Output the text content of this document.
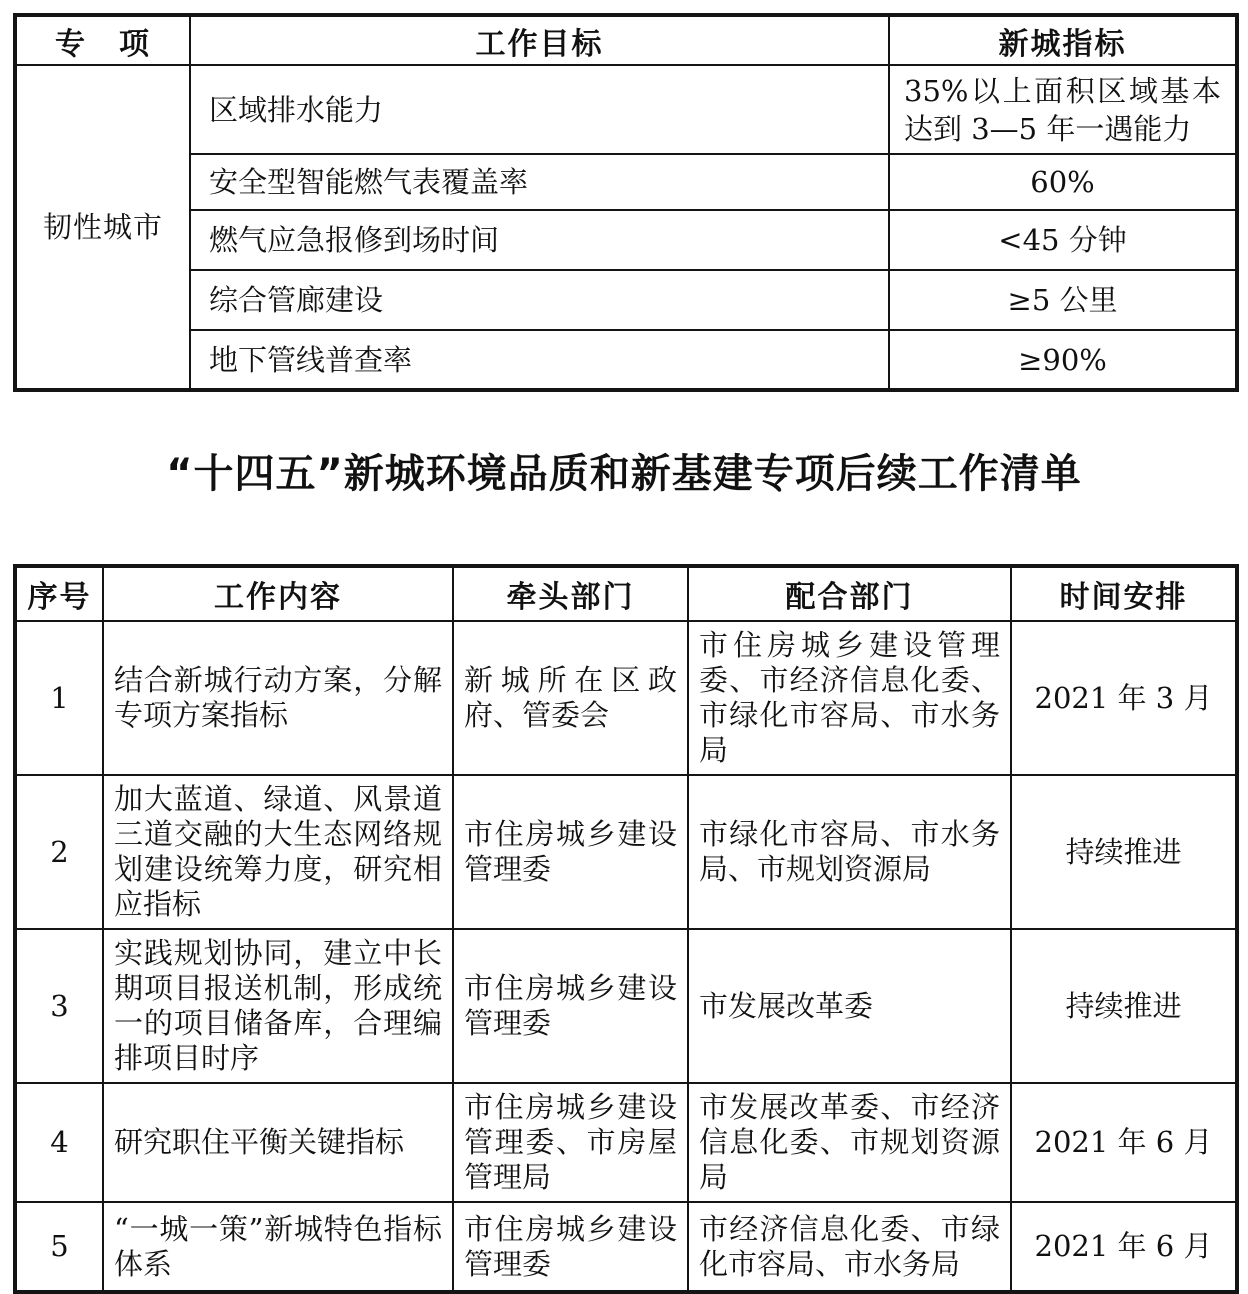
专　项	工作目标	新城指标
韧性城市	区域排水能力	35%以上面积区域基本达到 3—5 年一遇能力
	安全型智能燃气表覆盖率	60%
	燃气应急报修到场时间	<45 分钟
	综合管廊建设	≥5 公里
	地下管线普查率	≥90%
“十四五”新城环境品质和新基建专项后续工作清单
序号	工作内容	牵头部门	配合部门	时间安排
1	结合新城行动方案，分解专项方案指标	新城所在区政府、管委会	市住房城乡建设管理委、市经济信息化委、市绿化市容局、市水务局	2021 年 3 月
2	加大蓝道、绿道、风景道三道交融的大生态网络规划建设统筹力度，研究相应指标	市住房城乡建设管理委	市绿化市容局、市水务局、市规划资源局	持续推进
3	实践规划协同，建立中长期项目报送机制，形成统一的项目储备库，合理编排项目时序	市住房城乡建设管理委	市发展改革委	持续推进
4	研究职住平衡关键指标	市住房城乡建设管理委、市房屋管理局	市发展改革委、市经济信息化委、市规划资源局	2021 年 6 月
5	“一城一策”新城特色指标体系	市住房城乡建设管理委	市经济信息化委、市绿化市容局、市水务局	2021 年 6 月
